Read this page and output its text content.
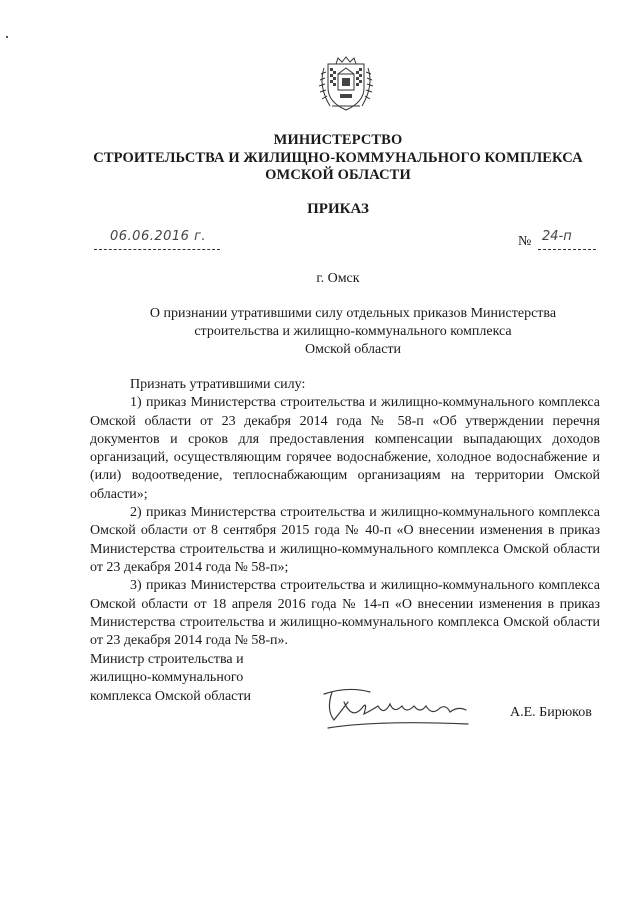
МИНИСТЕРСТВО
СТРОИТЕЛЬСТВА И ЖИЛИЩНО-КОММУНАЛЬНОГО КОМПЛЕКСА
ОМСКОЙ ОБЛАСТИ
ПРИКАЗ
06.06.2016 г.	№ 24-п
г. Омск
О признании утратившими силу отдельных приказов Министерства
строительства и жилищно-коммунального комплекса
Омской области

Признать утратившими силу:

1) приказ Министерства строительства и жилищно-коммунального комплекса Омской области от 23 декабря 2014 года № 58-п «Об утверждении перечня документов и сроков для предоставления компенсации выпадающих доходов организаций, осуществляющим горячее водоснабжение, холодное водоснабжение и (или) водоотведение, теплоснабжающим организациям на территории Омской области»;

2) приказ Министерства строительства и жилищно-коммунального комплекса Омской области от 8 сентября 2015 года № 40-п «О внесении изменения в приказ Министерства строительства и жилищно-коммунального комплекса Омской области от 23 декабря 2014 года № 58-п»;

3) приказ Министерства строительства и жилищно-коммунального комплекса Омской области от 18 апреля 2016 года № 14-п «О внесении изменения в приказ Министерства строительства и жилищно-коммунального комплекса Омской области от 23 декабря 2014 года № 58-п».

Министр строительства и
жилищно-коммунального
комплекса Омской области
А.Е. Бирюков
